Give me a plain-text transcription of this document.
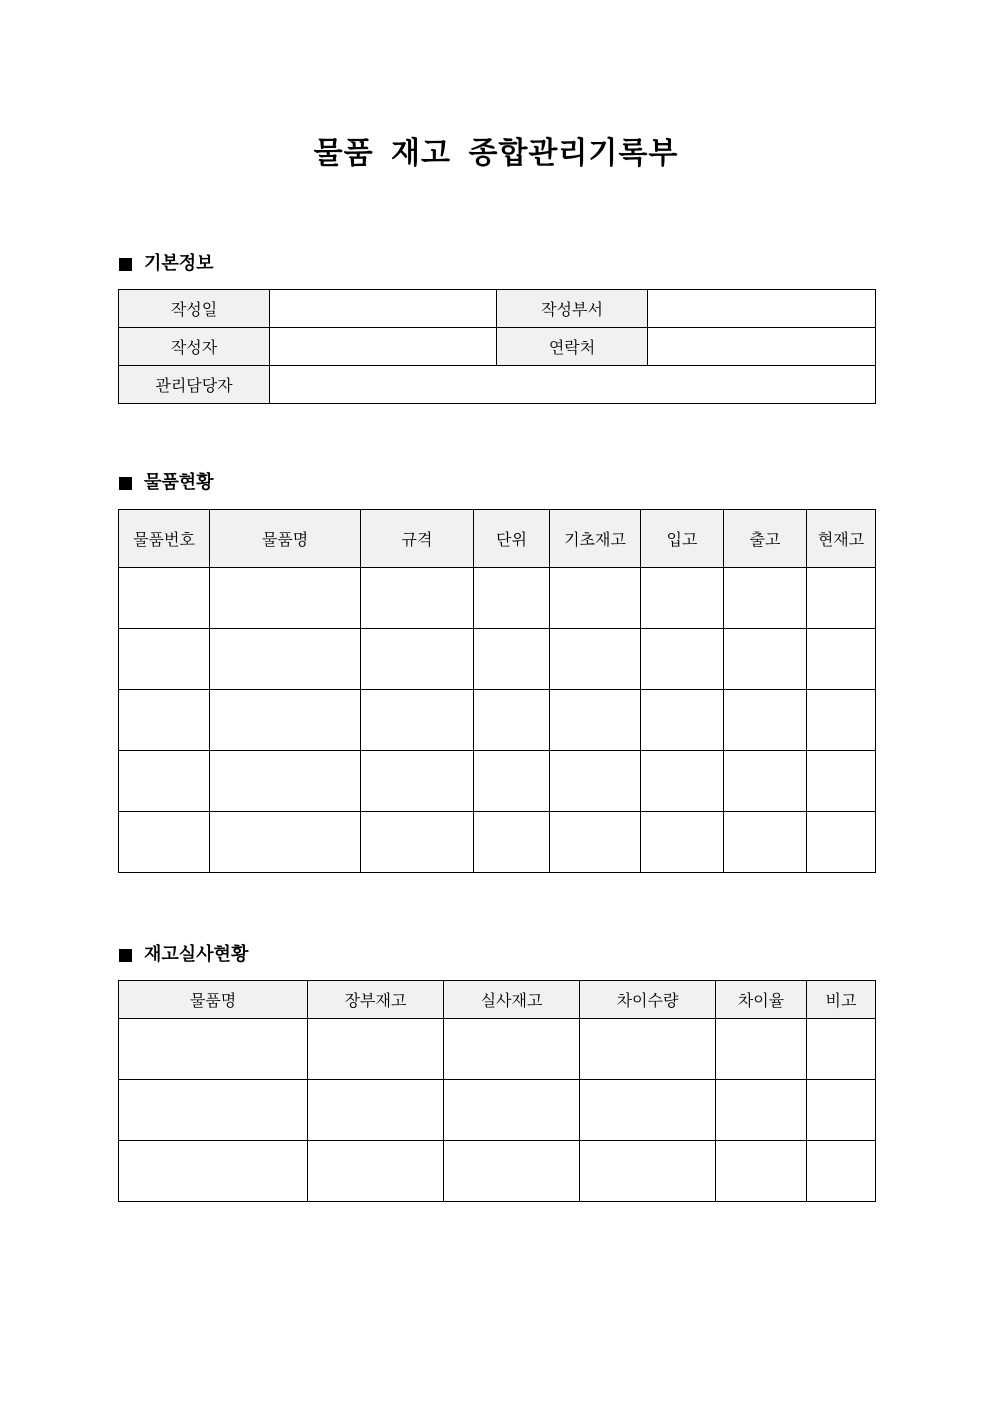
물품 재고 종합관리기록부
기본정보
작성일		작성부서	
작성자		연락처	
관리담당자			
물품현황
물품번호	물품명	규격	단위	기초재고	입고	출고	현재고

재고실사현황
물품명	장부재고	실사재고	차이수량	차이율	비고
